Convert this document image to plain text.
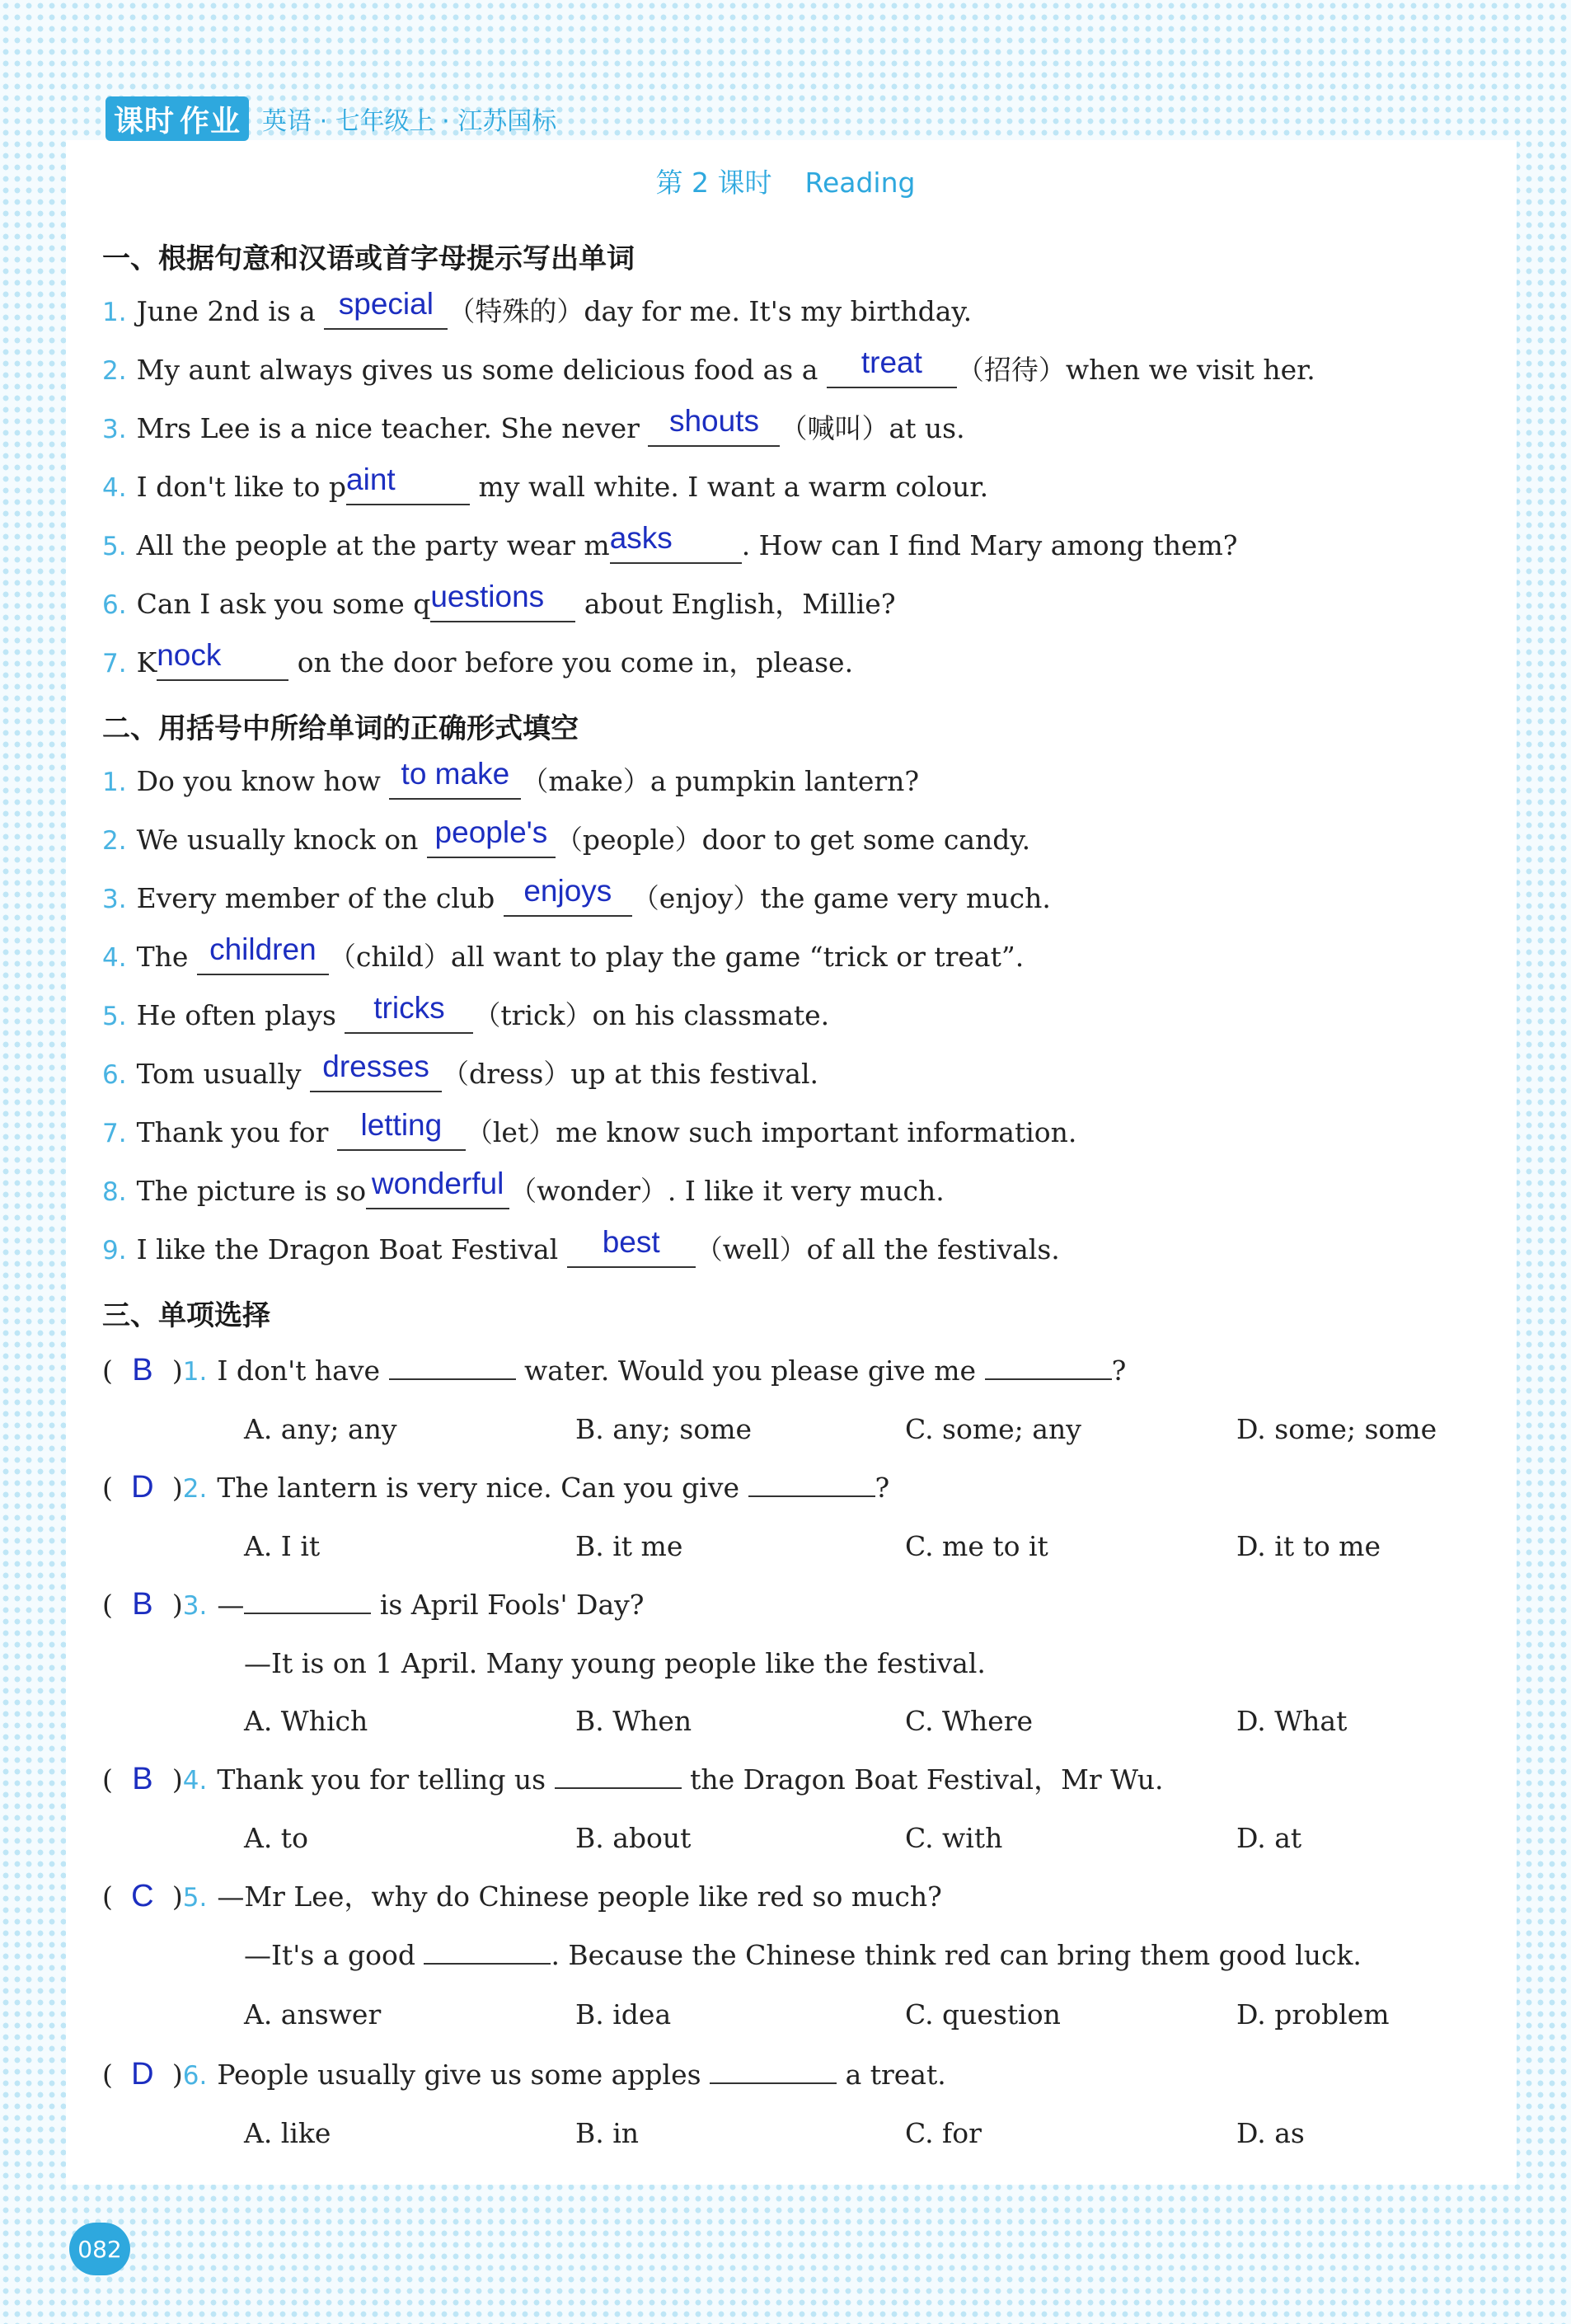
课时 作业 英语 · 七年级上 · 江苏国标
第 2 课时 Reading
一、根据句意和汉语或首字母提示写出单词
1. June 2nd is a special （特殊的）day for me. It's my birthday.
2. My aunt always gives us some delicious food as a treat （招待）when we visit her.
3. Mrs Lee is a nice teacher. She never shouts （喊叫）at us.
4. I don't like to paint	my wall white. I want a warm colour.
5. All the people at the party wear masks	. How can I find Mary among them?
6. Can I ask you some questions about English，Millie?
7. Knock on the door before you come in，please.
二、用括号中所给单词的正确形式填空
1. Do you know how to make （make）a pumpkin lantern?
2. We usually knock on people's （people）door to get some candy.
3. Every member of the club enjoys （enjoy）the game very much.
4. The children （child）all want to play the game “trick or treat”.
5. He often plays tricks （trick）on his classmate.
6. Tom usually dresses （dress）up at this festival.
7. Thank you for letting （let）me know such important information.
8. The picture is so wonderful （wonder）. I like it very much.
9. I like the Dragon Boat Festival best （well）of all the festivals.
三、单项选择
( B )1. I don't have	water. Would you please give me	?
A. any; any	B. any; some	C. some; any	D. some; some
( D )2. The lantern is very nice. Can you give	?
A. I it	B. it me	C. me to it	D. it to me
( B )3. —	is April Fools' Day?
—It is on 1 April. Many young people like the festival.
A. Which	B. When	C. Where	D. What
( B )4. Thank you for telling us	the Dragon Boat Festival，Mr Wu.
A. to	B. about	C. with	D. at
( C )5. —Mr Lee，why do Chinese people like red so much?
—It's a good	. Because the Chinese think red can bring them good luck.
A. answer	B. idea	C. question	D. problem
( D )6. People usually give us some apples	a treat.
A. like	B. in	C. for	D. as
082
